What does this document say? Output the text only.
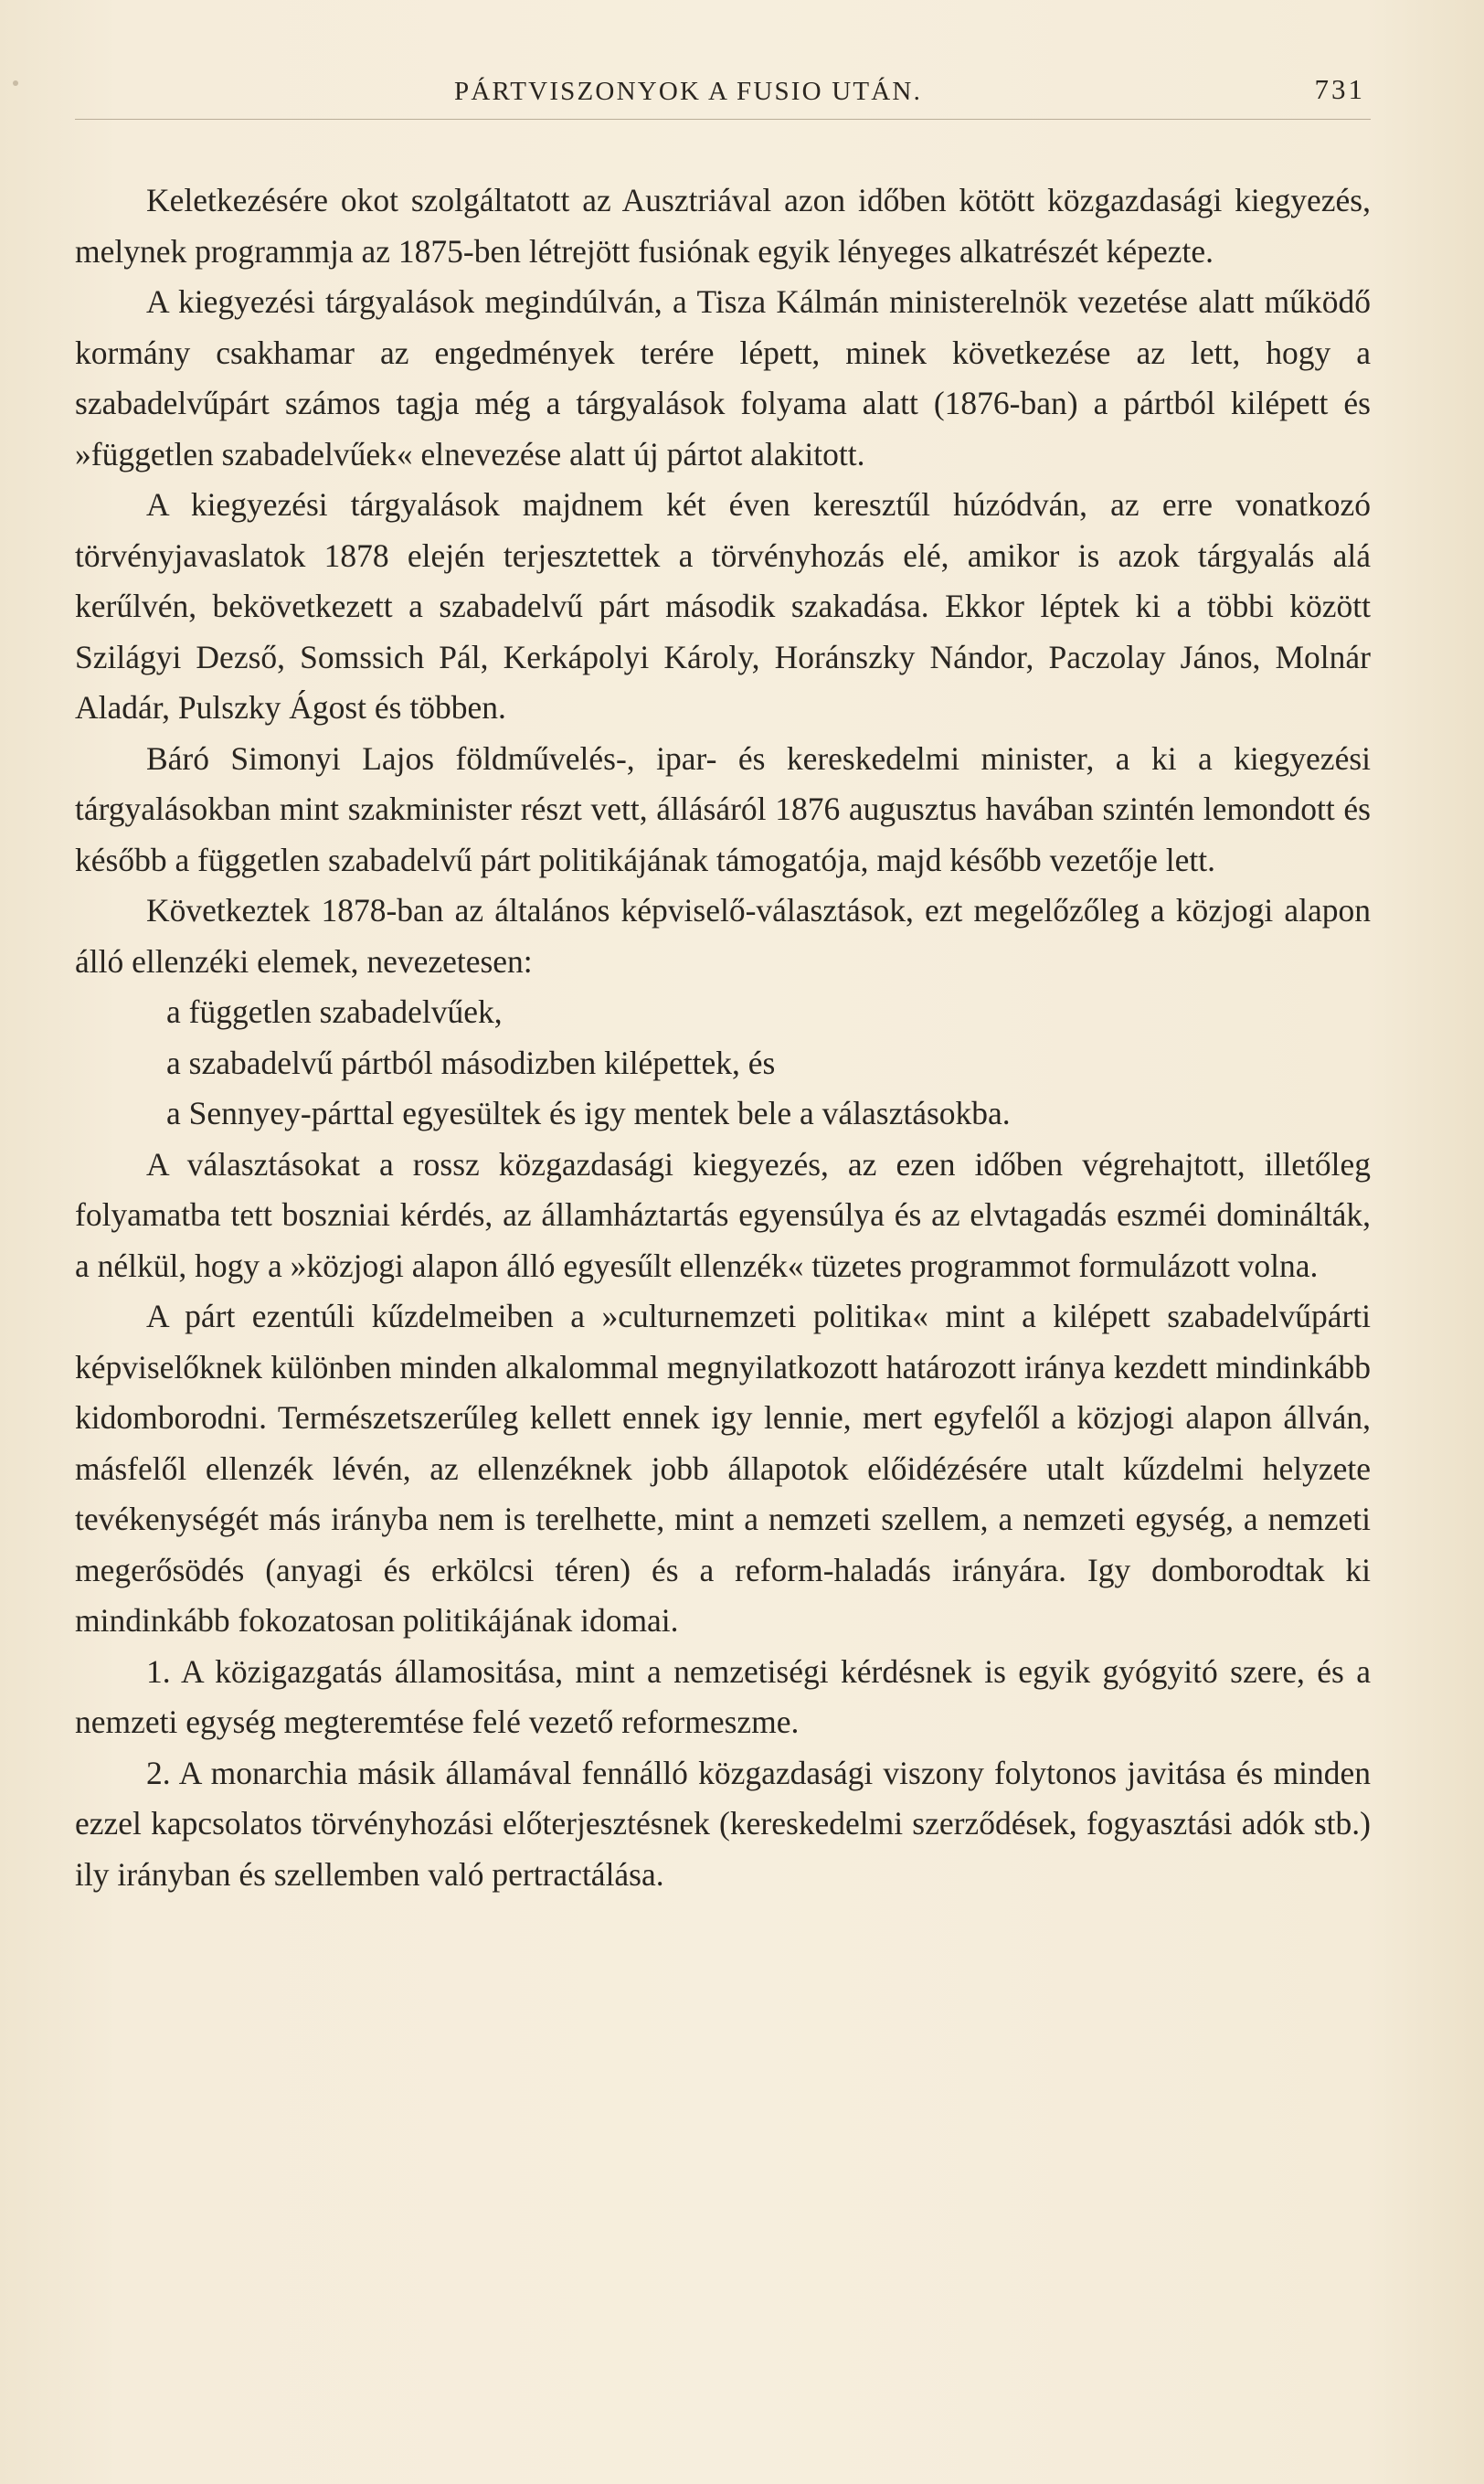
PÁRTVISZONYOK A FUSIO UTÁN.	731

Keletkezésére okot szolgáltatott az Ausztriával azon időben kötött közgazdasági kiegyezés, melynek programmja az 1875-ben létrejött fusiónak egyik lényeges alkatrészét képezte.

A kiegyezési tárgyalások megindúlván, a Tisza Kálmán ministerelnök vezetése alatt működő kormány csakhamar az engedmények terére lépett, minek következése az lett, hogy a szabadelvűpárt számos tagja még a tárgyalások folyama alatt (1876-ban) a pártból kilépett és »független szabadelvűek« elnevezése alatt új pártot alakitott.

A kiegyezési tárgyalások majdnem két éven keresztűl húzódván, az erre vonatkozó törvényjavaslatok 1878 elején terjesztettek a törvényhozás elé, amikor is azok tárgyalás alá kerűlvén, bekövetkezett a szabadelvű párt második szakadása. Ekkor léptek ki a többi között Szilágyi Dezső, Somssich Pál, Kerkápolyi Károly, Horánszky Nándor, Paczolay János, Molnár Aladár, Pulszky Ágost és többen.

Báró Simonyi Lajos földművelés-, ipar- és kereskedelmi minister, a ki a kiegyezési tárgyalásokban mint szakminister részt vett, állásáról 1876 augusztus havában szintén lemondott és később a független szabadelvű párt politikájának támogatója, majd később vezetője lett.

Következtek 1878-ban az általános képviselő-választások, ezt megelőzőleg a közjogi alapon álló ellenzéki elemek, nevezetesen:

a független szabadelvűek,

a szabadelvű pártból másodizben kilépettek, és

a Sennyey-párttal egyesültek és igy mentek bele a választásokba.

A választásokat a rossz közgazdasági kiegyezés, az ezen időben végrehajtott, illetőleg folyamatba tett boszniai kérdés, az államháztartás egyensúlya és az elvtagadás eszméi dominálták, a nélkül, hogy a »közjogi alapon álló egyesűlt ellenzék« tüzetes programmot formulázott volna.

A párt ezentúli kűzdelmeiben a »culturnemzeti politika« mint a kilépett szabadelvűpárti képviselőknek különben minden alkalommal megnyilatkozott határozott iránya kezdett mindinkább kidomborodni. Természetszerűleg kellett ennek igy lennie, mert egyfelől a közjogi alapon állván, másfelől ellenzék lévén, az ellenzéknek jobb állapotok előidézésére utalt kűzdelmi helyzete tevékenységét más irányba nem is terelhette, mint a nemzeti szellem, a nemzeti egység, a nemzeti megerősödés (anyagi és erkölcsi téren) és a reform-haladás irányára. Igy domborodtak ki mindinkább fokozatosan politikájának idomai.

1. A közigazgatás államositása, mint a nemzetiségi kérdésnek is egyik gyógyitó szere, és a nemzeti egység megteremtése felé vezető reformeszme.

2. A monarchia másik államával fennálló közgazdasági viszony folytonos javitása és minden ezzel kapcsolatos törvényhozási előterjesztésnek (kereskedelmi szerződések, fogyasztási adók stb.) ily irányban és szellemben való pertractálása.
